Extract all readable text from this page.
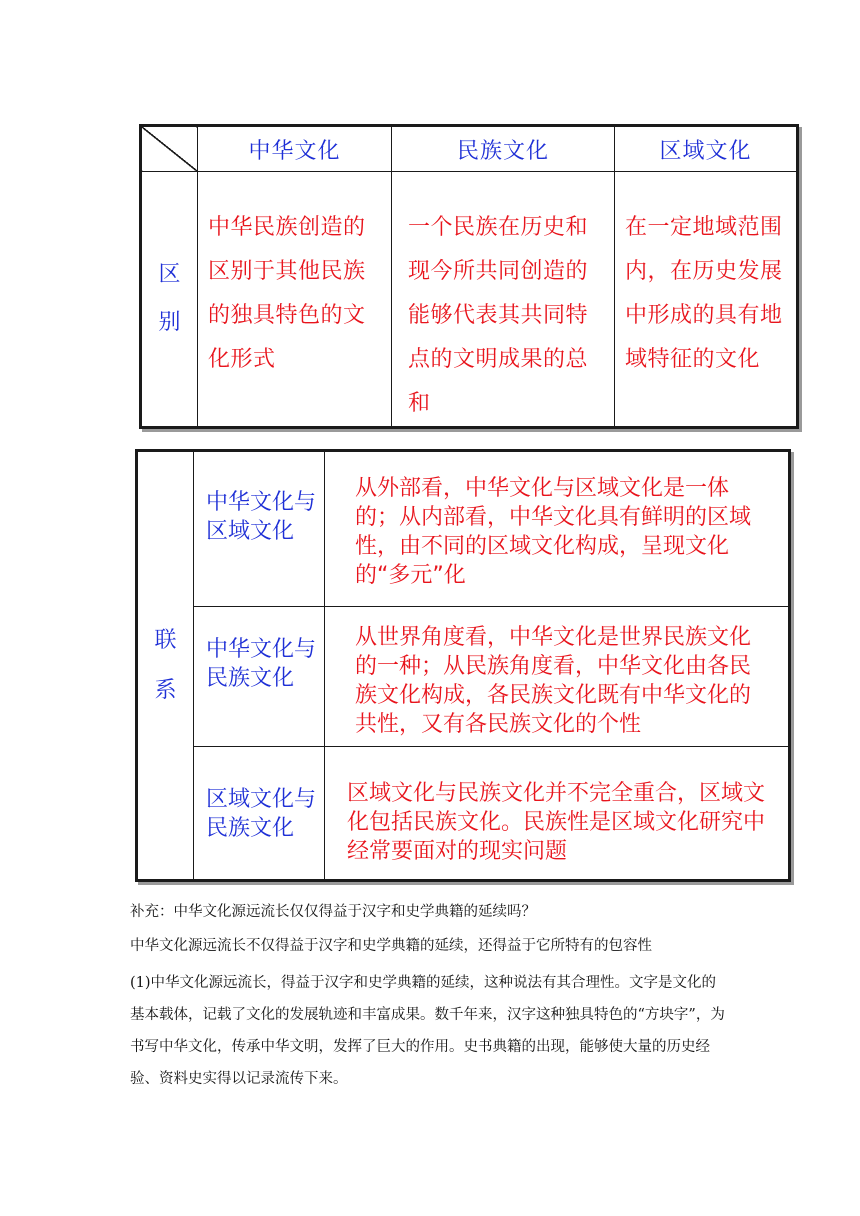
	中华文化	民族文化	区域文化

区
别	中华民族创造的区别于其他民族的独具特色的文化形式	一个民族在历史和现今所共同创造的能够代表其共同特点的文明成果的总和	在一定地域范围内，在历史发展中形成的具有地域特征的文化
联
系	中华文化与区域文化	从外部看，中华文化与区域文化是一体的；从内部看，中华文化具有鲜明的区域性，由不同的区域文化构成，呈现文化的“多元”化
	中华文化与民族文化	从世界角度看，中华文化是世界民族文化的一种；从民族角度看，中华文化由各民族文化构成，各民族文化既有中华文化的共性，又有各民族文化的个性
	区域文化与民族文化	区域文化与民族文化并不完全重合，区域文化包括民族文化。民族性是区域文化研究中经常要面对的现实问题

补充：中华文化源远流长仅仅得益于汉字和史学典籍的延续吗？

中华文化源远流长不仅得益于汉字和史学典籍的延续，还得益于它所特有的包容性

(1)中华文化源远流长，得益于汉字和史学典籍的延续，这种说法有其合理性。文字是文化的基本载体，记载了文化的发展轨迹和丰富成果。数千年来，汉字这种独具特色的“方块字”，为书写中华文化，传承中华文明，发挥了巨大的作用。史书典籍的出现，能够使大量的历史经验、资料史实得以记录流传下来。
